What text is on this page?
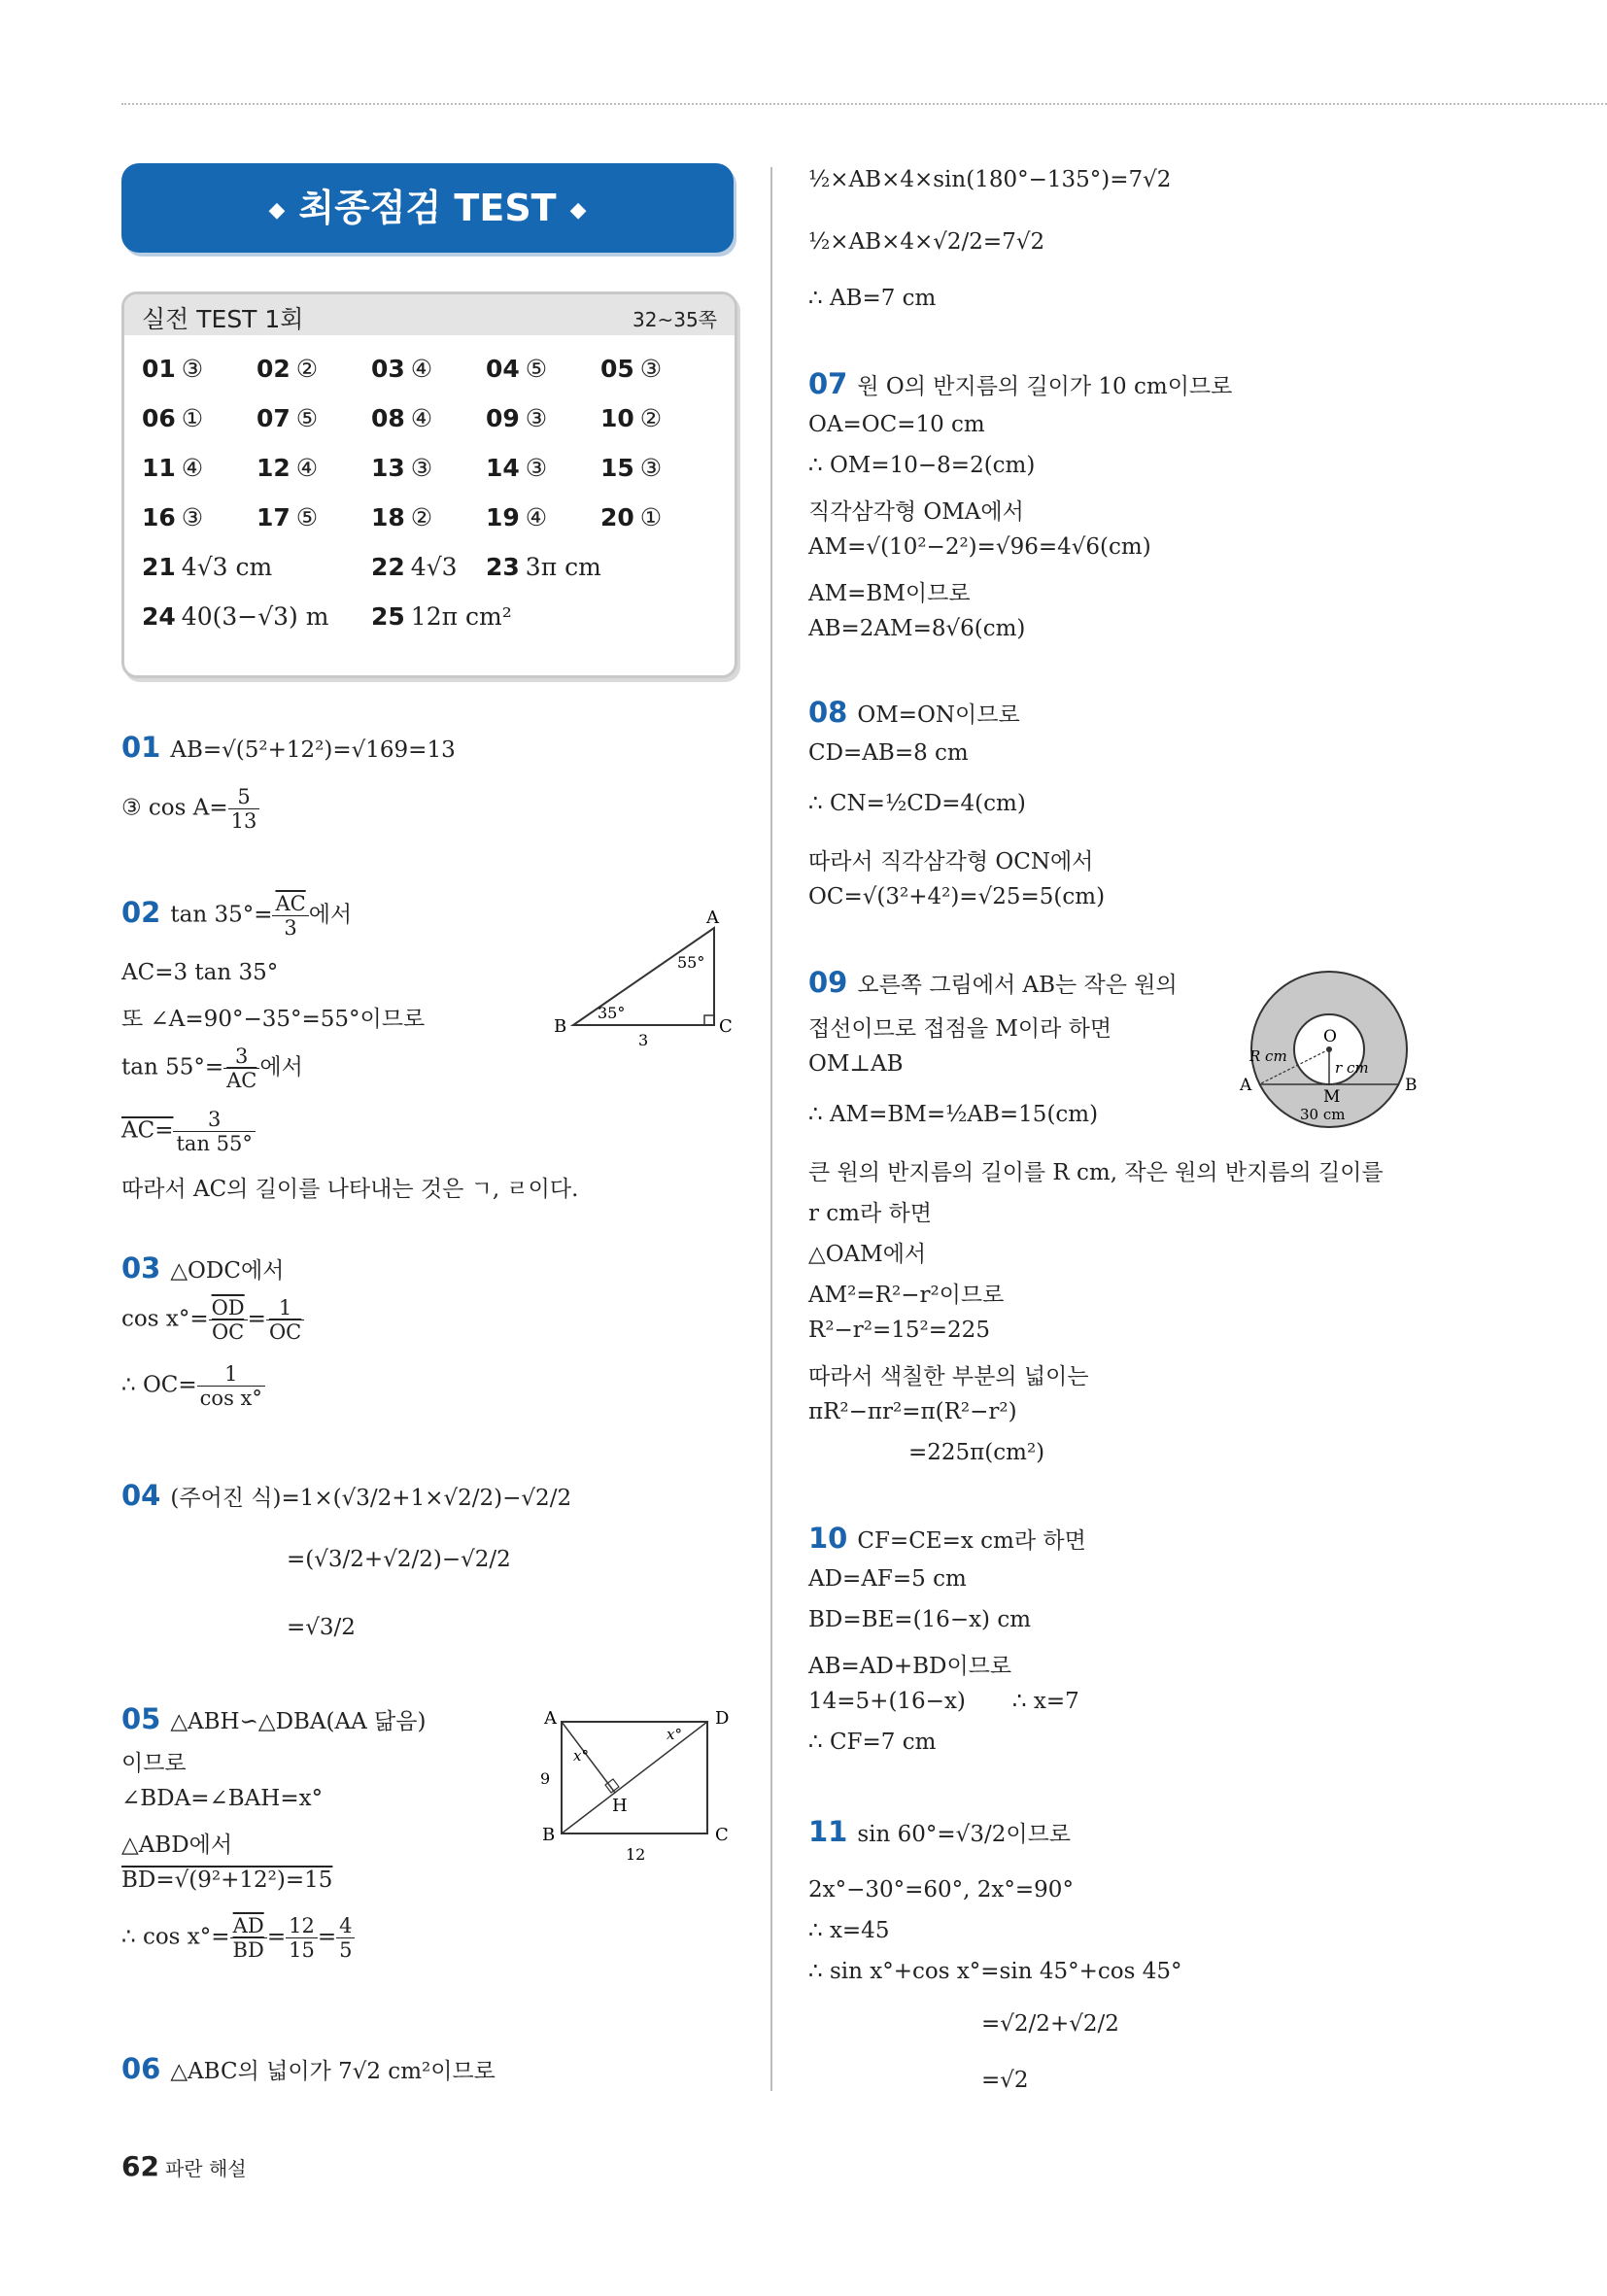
◆ 최종점검 TEST ◆
실전 TEST 1회	32~35쪽
01 ③ 02 ② 03 ④ 04 ⑤ 05 ③
06 ① 07 ⑤ 08 ④ 09 ③ 10 ②
11 ④ 12 ④ 13 ③ 14 ③ 15 ③
16 ③ 17 ⑤ 18 ② 19 ④ 20 ①
21 4√3 cm	22 4√3 23 3π cm
24 40(3−√3) m 25 12π cm²
01 AB=√(5²+12²)=√169=13
③ $\cos A= \frac{5}{13}$
02 $\tan 35^\circ= \frac{\overline{AC}}{3}$ 에서
AC=3 tan 35°
또 ∠A=90°−35°=55°이므로
$\tan 55^\circ= \frac{3}{AC}$ 에서
$AC= \frac{3}{\tan 55^\circ}$
따라서 AC의 길이를 나타내는 것은 ㄱ, ㄹ이다.
A
B	C
55°
35°
3
03 △ODC에서
$\cos x^\circ= \frac{\overline{OD}}{OC} = \frac{1}{OC}$
∴ $OC= \frac{1}{\text{cos x°}}$
04 (주어진 식)=1×(√3/2+1×√2/2)−√2/2
=(√3/2+√2/2)−√2/2
=√3/2
05 △ABH∽△DBA(AA 닮음)
이므로
∠BDA=∠BAH=x°
△ABD에서
BD=√(9²+12²)=15
∴ $\cos x^\circ= \frac{\overline{AD}}{BD} = \frac{12}{15} = \frac{4}{5}$
A	D
B	C
H
x°
x°
9
12
06 △ABC의 넓이가 7√2 cm²이므로
½×AB×4×sin(180°−135°)=7√2
½×AB×4×√2/2=7√2
∴ AB=7 cm
07 원 O의 반지름의 길이가 10 cm이므로
OA=OC=10 cm
∴ OM=10−8=2(cm)
직각삼각형 OMA에서
AM=√(10²−2²)=√96=4√6(cm)
AM=BM이므로
AB=2AM=8√6(cm)
08 OM=ON이므로
CD=AB=8 cm
∴ CN=½CD=4(cm)
따라서 직각삼각형 OCN에서
OC=√(3²+4²)=√25=5(cm)
09 오른쪽 그림에서 AB는 작은 원의
접선이므로 접점을 M이라 하면
OM⊥AB
∴ AM=BM=½AB=15(cm)
큰 원의 반지름의 길이를 R cm, 작은 원의 반지름의 길이를
r cm라 하면
△OAM에서
AM²=R²−r²이므로
R²−r²=15²=225
따라서 색칠한 부분의 넓이는
πR²−πr²=π(R²−r²)
=225π(cm²)
O
A	B
M
R cm
r cm
30 cm
10 CF=CE=x cm라 하면
AD=AF=5 cm
BD=BE=(16−x) cm
AB=AD+BD이므로
14=5+(16−x) ∴ x=7
∴ CF=7 cm
11 sin 60°=√3/2이므로
2x°−30°=60°, 2x°=90°
∴ x=45
∴ sin x°+cos x°=sin 45°+cos 45°
=√2/2+√2/2
=√2
62 파란 해설
